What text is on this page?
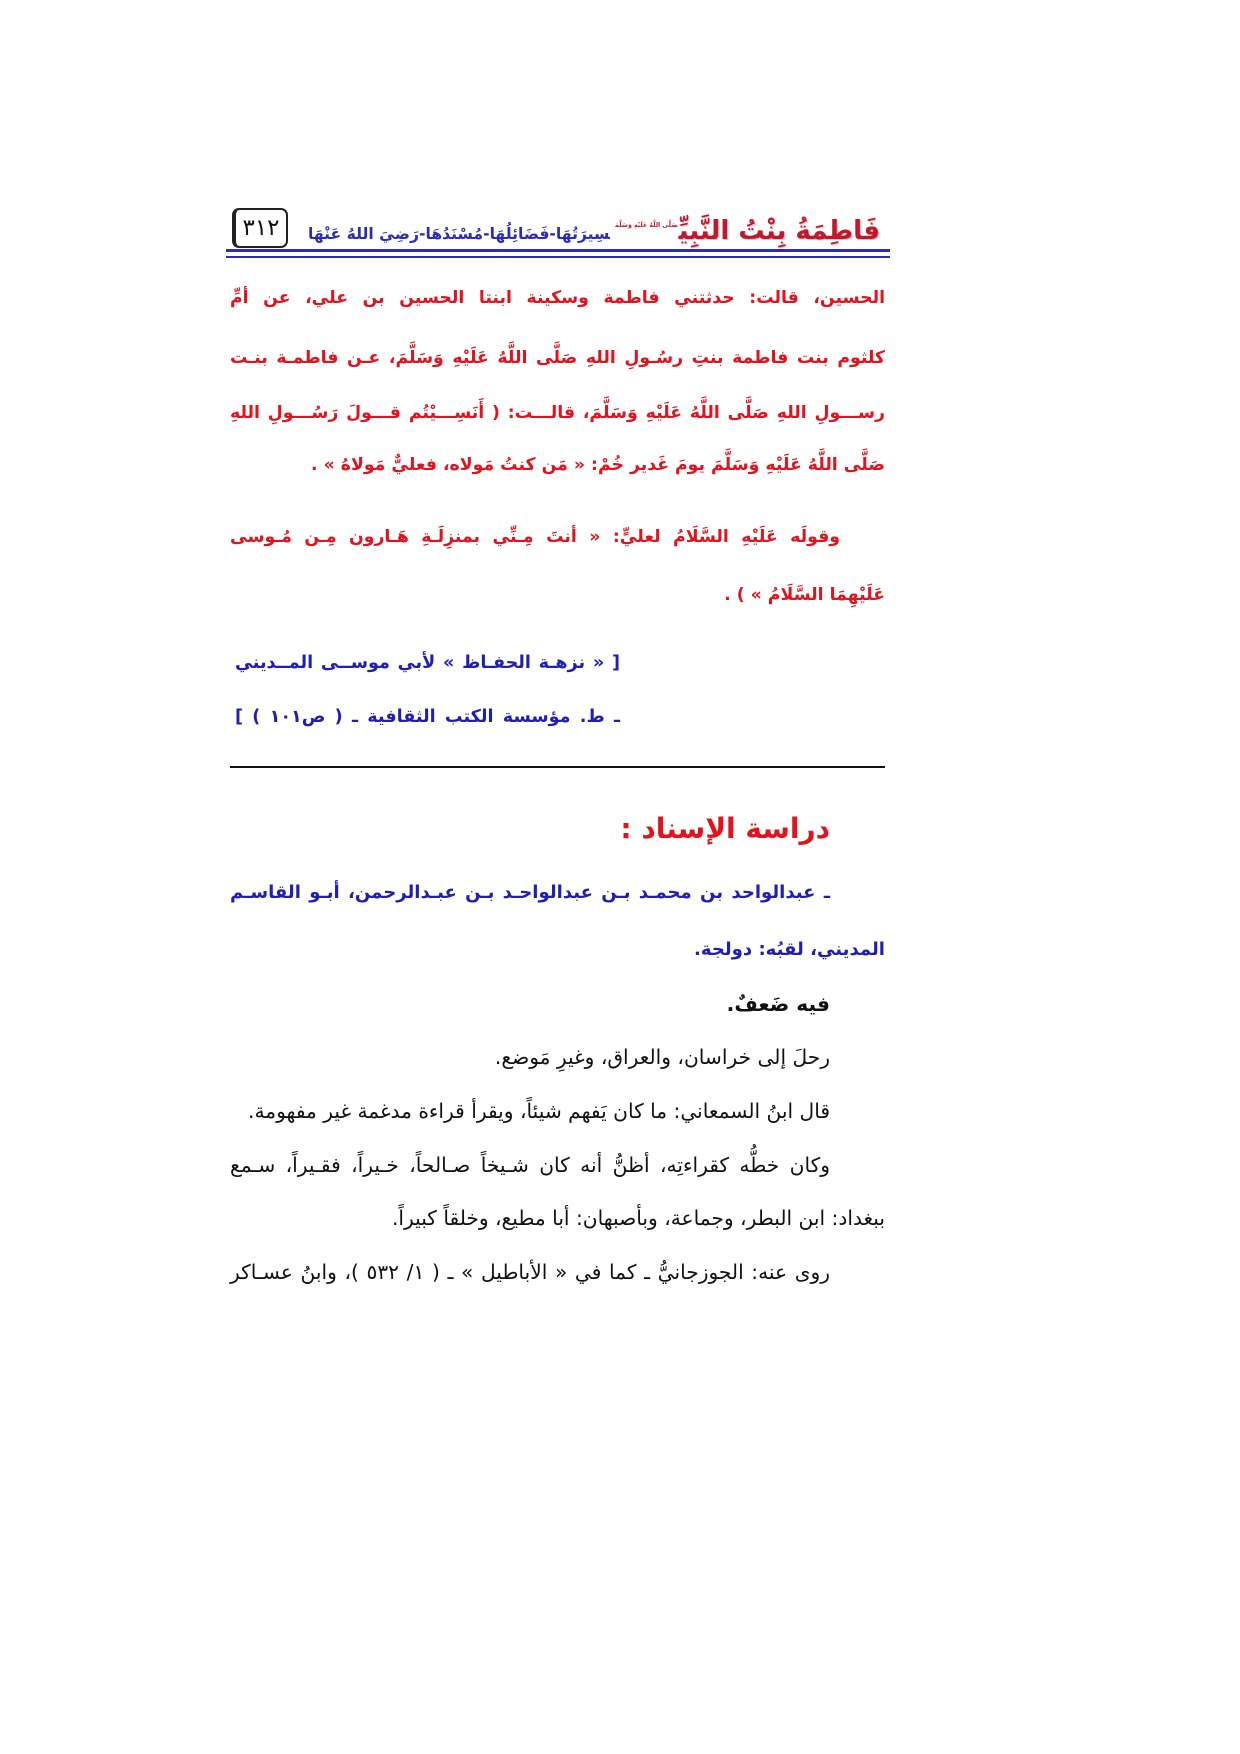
٣١٢	فَاطِمَةُ بِنْتُ النَّبِيِّ$^{صَلَّى اللَّهُ عَلَيْهِ وَسَلَّمَ}$سِيرَتُهَا-فَضَائِلُهَا-مُسْنَدُهَا-رَضِيَ اللهُ عَنْهَا
الحسين، قالت: حدثتني فاطمة وسكينة ابنتا الحسين بن علي، عن أمِّ
كلثوم بنت فاطمة بنتِ رسُـولِ اللهِ صَلَّى اللَّهُ عَلَيْهِ وَسَلَّمَ، عـن فاطمـة بنـت
رســـولِ اللهِ صَلَّى اللَّهُ عَلَيْهِ وَسَلَّمَ، قالـــت: ( أَنَسِـــيْتُم قـــولَ رَسُـــولِ اللهِ
صَلَّى اللَّهُ عَلَيْهِ وَسَلَّمَ يومَ غَدير خُمْ: « مَن كنتُ مَولاه، فعليٌّ مَولاهُ » .
وقولَه عَلَيْهِ السَّلَامُ لعليٍّ: « أنتَ مِـنِّي بمنزِلَـةِ هَـارون مِـن مُـوسى
عَلَيْهِمَا السَّلَامُ » ) .
[ « نزهـة الحفـاظ » لأبي موســى المــديني
ـ ط. مؤسسة الكتب الثقافية ـ ( ص١٠١ ) ]
دراسة الإسناد :
ـ عبدالواحد بن محمـد بـن عبدالواحـد بـن عبـدالرحمن، أبـو القاسـم
المديني، لقبُه: دولجة.
فيه ضَعفٌ.
رحلَ إلى خراسان، والعراق، وغيرِ مَوضع.
قال ابنُ السمعاني: ما كان يَفهم شيئاً، ويقرأ قراءة مدغمة غير مفهومة.
وكان خطُّه كقراءتِه، أظنُّ أنه كان شـيخاً صـالحاً، خـيراً، فقـيراً، سـمع
ببغداد: ابن البطر، وجماعة، وبأصبهان: أبا مطيع، وخلقاً كبيراً.
روى عنه: الجوزجانيُّ ـ كما في « الأباطيل » ـ ( ١/ ٥٣٢ )، وابنُ عسـاكر
